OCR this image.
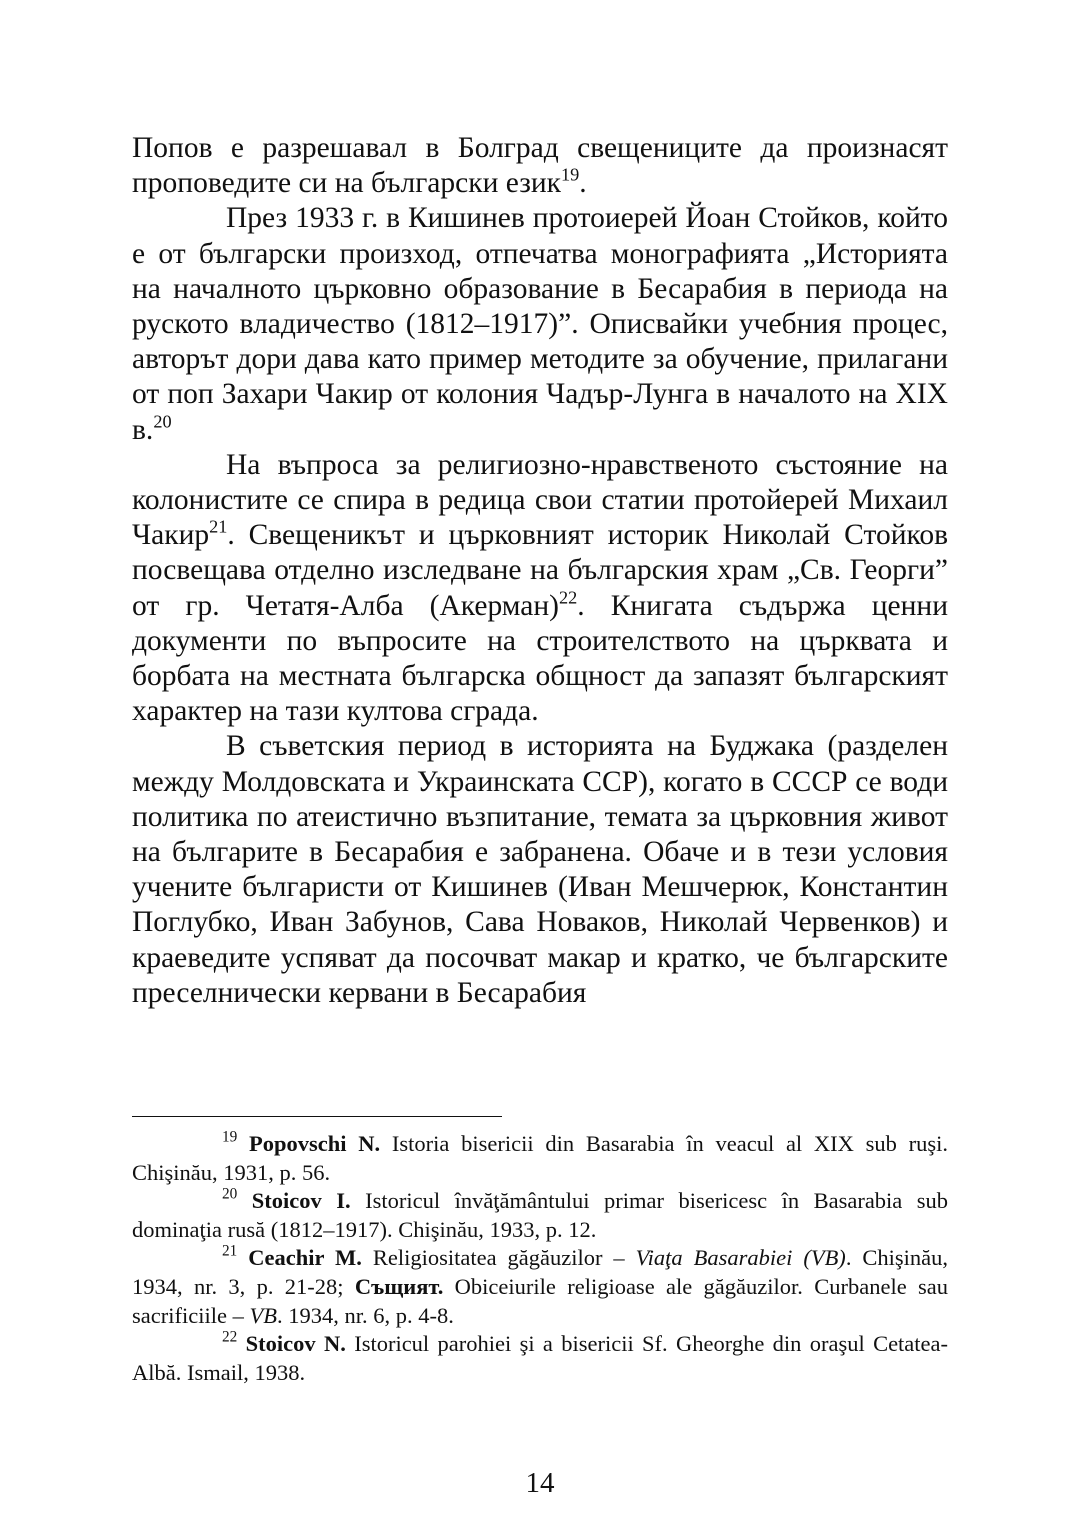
Попов е разрешавал в Болград свещениците да произнасят проповедите си на български език$^{19}$.

През 1933 г. в Кишинев протоиерей Йоан Стойков, който е от български произход, отпечатва монографията „Историята на началното църковно образование в Бесарабия в периода на руското владичество (1812–1917)”. Описвайки учебния процес, авторът дори дава като пример методите за обучение, прилагани от поп Захари Чакир от колония Чадър-Лунга в началото на XIX в.$^{20}$

На въпроса за религиозно-нравственото състояние на колонистите се спира в редица свои статии протойерей Михаил Чакир$^{21}$. Свещеникът и църковният историк Николай Стойков посвещава отделно изследване на българския храм „Св. Георги” от гр. Четатя-Алба (Акерман)$^{22}$. Книгата съдържа ценни документи по въпросите на строителството на църквата и борбата на местната българска общност да запазят българският характер на тази култова сграда.

В съветския период в историята на Буджака (разделен между Молдовската и Украинската ССР), когато в СССР се води политика по атеистично възпитание, темата за църковния живот на българите в Бесарабия е забранена. Обаче и в тези условия учените българисти от Кишинев (Иван Мешчерюк, Константин Поглубко, Иван Забунов, Сава Новаков, Николай Червенков) и краеведите успяват да посочват макар и кратко, че българските преселнически кервани в Бесарабия

$^{19}$ Popovschi N. Istoria bisericii din Basarabia în veacul al XIX sub ruşi. Chişinău, 1931, p. 56.

$^{20}$ Stoicov I. Istoricul învăţământului primar bisericesc în Basarabia sub dominaţia rusă (1812–1917). Chişinău, 1933, p. 12.

$^{21}$ Ceachir M. Religiositatea găgăuzilor – Viaţa Basarabiei (VB). Chişinău, 1934, nr. 3, p. 21-28; Същият. Obiceiurile religioase ale găgăuzilor. Curbanele sau sacrificiile – VB. 1934, nr. 6, p. 4-8.

$^{22}$ Stoicov N. Istoricul parohiei şi a bisericii Sf. Gheorghe din oraşul Cetatea-Albă. Ismail, 1938.

14
